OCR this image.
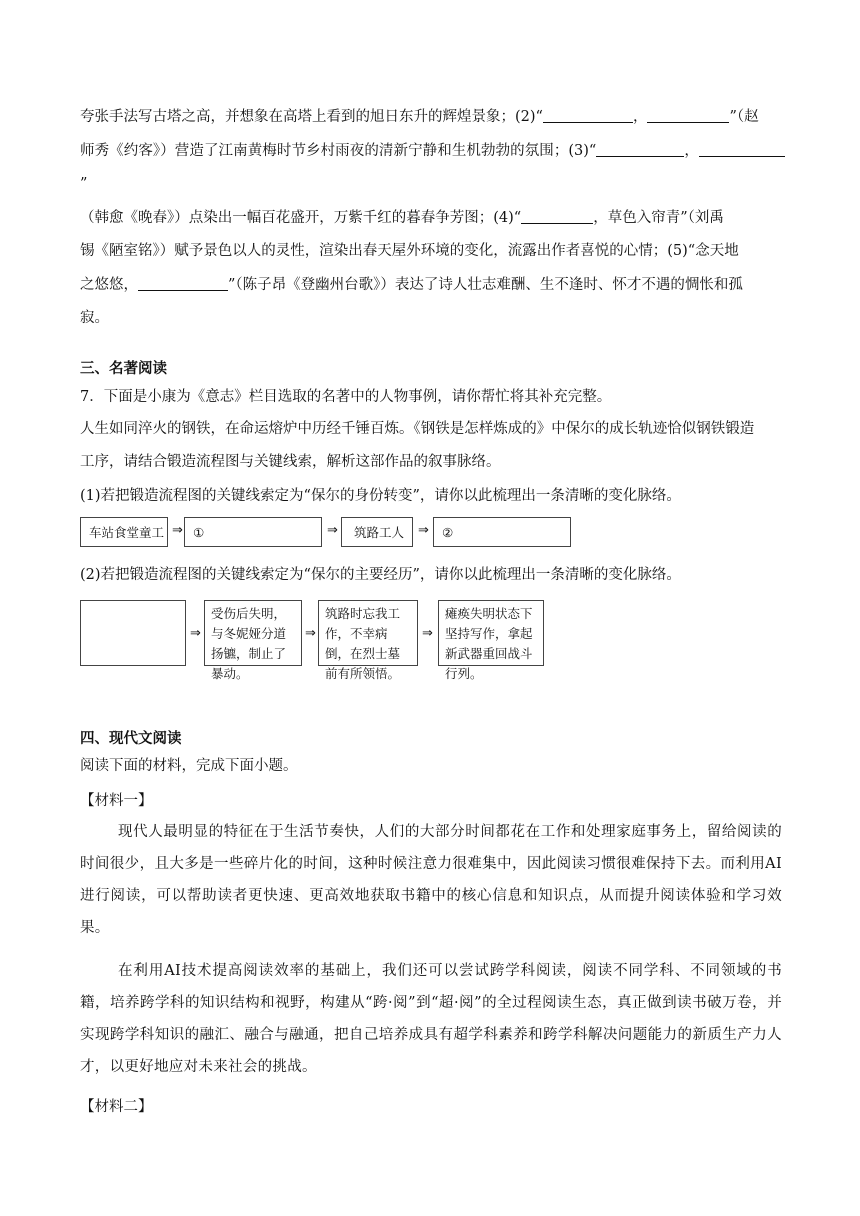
夸张手法写古塔之高，并想象在高塔上看到的旭日东升的辉煌景象；(2)“	，	”（赵
师秀《约客》）营造了江南黄梅时节乡村雨夜的清新宁静和生机勃勃的氛围；(3)“	，”
（韩愈《晚春》）点染出一幅百花盛开，万紫千红的暮春争芳图；(4)“	，草色入帘青”（刘禹
锡《陋室铭》）赋予景色以人的灵性，渲染出春天屋外环境的变化，流露出作者喜悦的心情；(5)“念天地
之悠悠，	”（陈子昂《登幽州台歌》）表达了诗人壮志难酬、生不逢时、怀才不遇的惆怅和孤
寂。
三、名著阅读
7．下面是小康为《意志》栏目选取的名著中的人物事例，请你帮忙将其补充完整。
人生如同淬火的钢铁，在命运熔炉中历经千锤百炼。《钢铁是怎样炼成的》中保尔的成长轨迹恰似钢铁锻造
工序，请结合锻造流程图与关键线索，解析这部作品的叙事脉络。
(1)若把锻造流程图的关键线索定为“保尔的身份转变”，请你以此梳理出一条清晰的变化脉络。
车站食堂童工 ⇒ ①	⇒	筑路工人	⇒	②
(2)若把锻造流程图的关键线索定为“保尔的主要经历”，请你以此梳理出一条清晰的变化脉络。
⇒
受伤后失明，与冬妮娅分道扬镳，制止了暴动。
⇒
筑路时忘我工作，不幸病倒，在烈士墓前有所领悟。
⇒
瘫痪失明状态下坚持写作，拿起新武器重回战斗行列。
四、现代文阅读
阅读下面的材料，完成下面小题。
【材料一】
现代人最明显的特征在于生活节奏快，人们的大部分时间都花在工作和处理家庭事务上，留给阅读的时间很少，且大多是一些碎片化的时间，这种时候注意力很难集中，因此阅读习惯很难保持下去。而利用AI进行阅读，可以帮助读者更快速、更高效地获取书籍中的核心信息和知识点，从而提升阅读体验和学习效果。
在利用AI技术提高阅读效率的基础上，我们还可以尝试跨学科阅读，阅读不同学科、不同领域的书籍，培养跨学科的知识结构和视野，构建从“跨·阅”到“超·阅”的全过程阅读生态，真正做到读书破万卷，并实现跨学科知识的融汇、融合与融通，把自己培养成具有超学科素养和跨学科解决问题能力的新质生产力人才，以更好地应对未来社会的挑战。
【材料二】
